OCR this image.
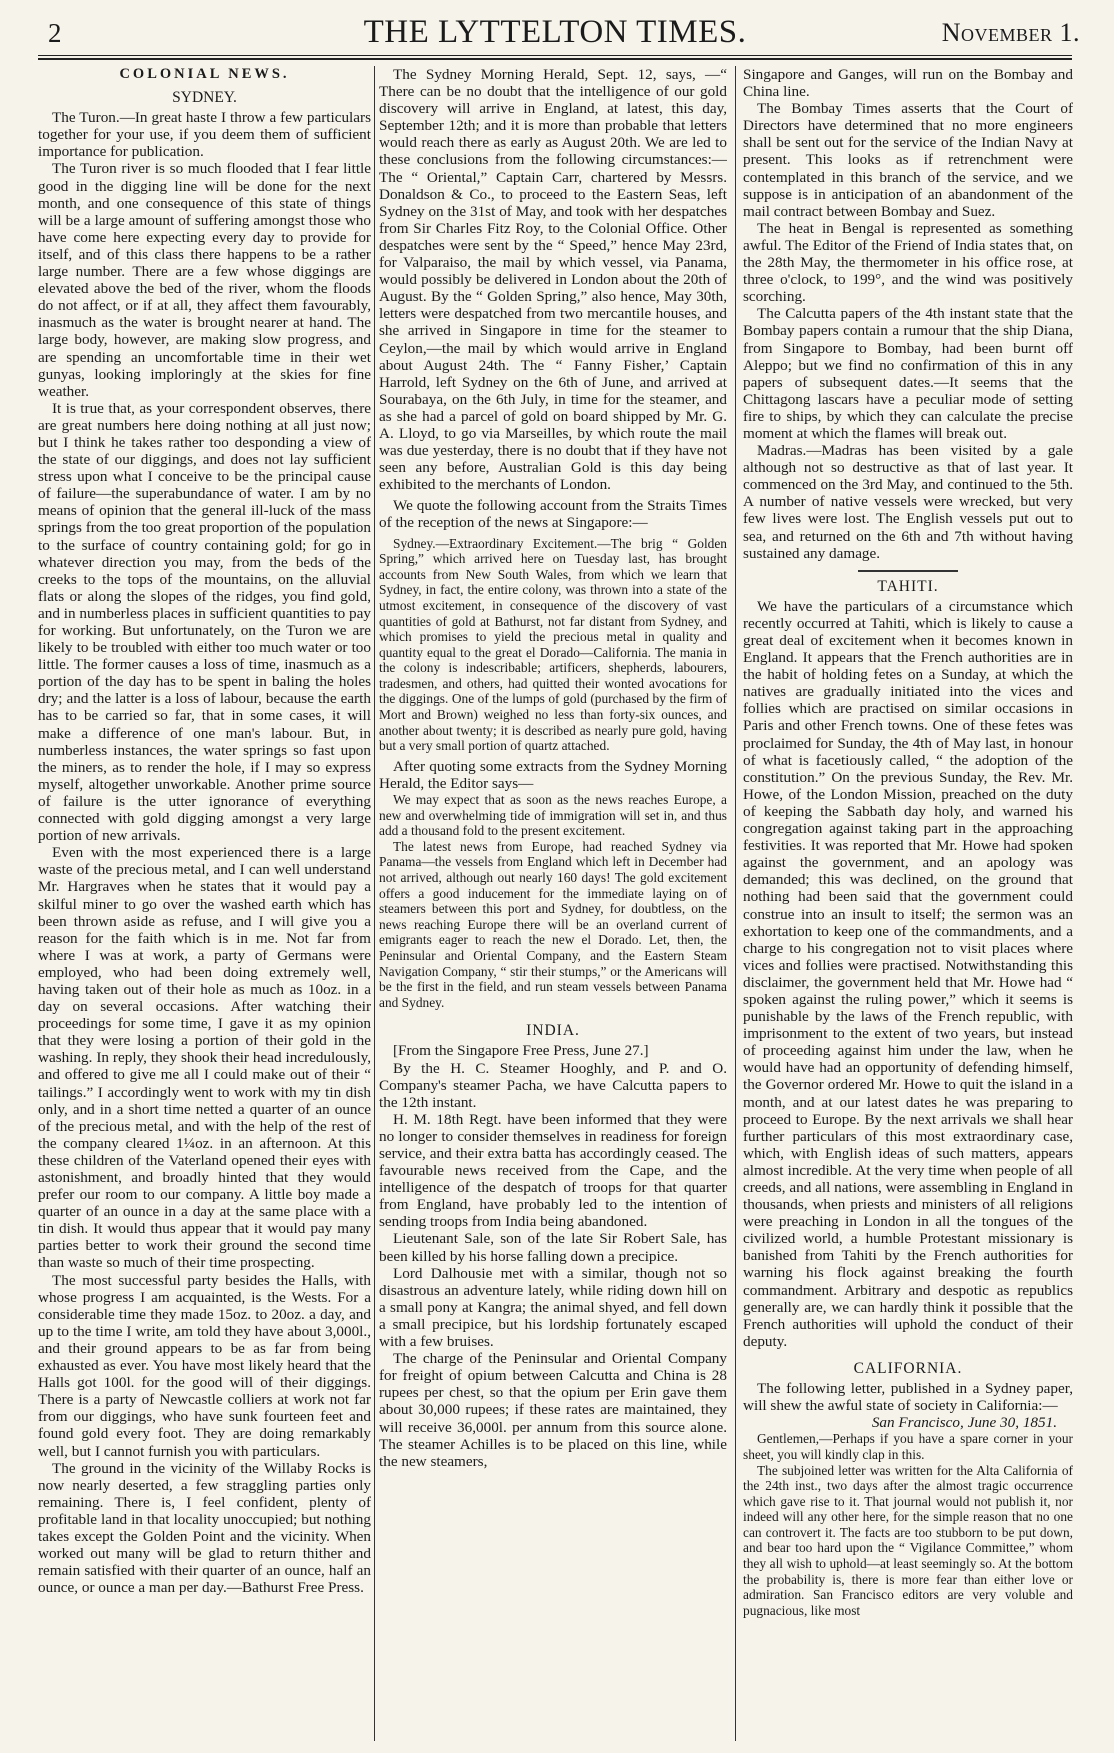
2	THE LYTTELTON TIMES.	November 1.
COLONIAL NEWS.
SYDNEY.

The Turon.—In great haste I throw a few particulars together for your use, if you deem them of sufficient importance for publication.

The Turon river is so much flooded that I fear little good in the digging line will be done for the next month, and one consequence of this state of things will be a large amount of suffering amongst those who have come here expecting every day to provide for itself, and of this class there happens to be a rather large number. There are a few whose diggings are elevated above the bed of the river, whom the floods do not affect, or if at all, they affect them favourably, inasmuch as the water is brought nearer at hand. The large body, however, are making slow progress, and are spending an uncomfortable time in their wet gunyas, looking imploringly at the skies for fine weather.

It is true that, as your correspondent observes, there are great numbers here doing nothing at all just now; but I think he takes rather too desponding a view of the state of our diggings, and does not lay sufficient stress upon what I conceive to be the principal cause of failure—the superabundance of water. I am by no means of opinion that the general ill-luck of the mass springs from the too great proportion of the population to the surface of country containing gold; for go in whatever direction you may, from the beds of the creeks to the tops of the mountains, on the alluvial flats or along the slopes of the ridges, you find gold, and in numberless places in sufficient quantities to pay for working. But unfortunately, on the Turon we are likely to be troubled with either too much water or too little. The former causes a loss of time, inasmuch as a portion of the day has to be spent in baling the holes dry; and the latter is a loss of labour, because the earth has to be carried so far, that in some cases, it will make a difference of one man's labour. But, in numberless instances, the water springs so fast upon the miners, as to render the hole, if I may so express myself, altogether unworkable. Another prime source of failure is the utter ignorance of everything connected with gold digging amongst a very large portion of new arrivals.

Even with the most experienced there is a large waste of the precious metal, and I can well understand Mr. Hargraves when he states that it would pay a skilful miner to go over the washed earth which has been thrown aside as refuse, and I will give you a reason for the faith which is in me. Not far from where I was at work, a party of Germans were employed, who had been doing extremely well, having taken out of their hole as much as 10oz. in a day on several occasions. After watching their proceedings for some time, I gave it as my opinion that they were losing a portion of their gold in the washing. In reply, they shook their head incredulously, and offered to give me all I could make out of their “ tailings.” I accordingly went to work with my tin dish only, and in a short time netted a quarter of an ounce of the precious metal, and with the help of the rest of the company cleared 1¼oz. in an afternoon. At this these children of the Vaterland opened their eyes with astonishment, and broadly hinted that they would prefer our room to our company. A little boy made a quarter of an ounce in a day at the same place with a tin dish. It would thus appear that it would pay many parties better to work their ground the second time than waste so much of their time prospecting.

The most successful party besides the Halls, with whose progress I am acquainted, is the Wests. For a considerable time they made 15oz. to 20oz. a day, and up to the time I write, am told they have about 3,000l., and their ground appears to be as far from being exhausted as ever. You have most likely heard that the Halls got 100l. for the good will of their diggings. There is a party of Newcastle colliers at work not far from our diggings, who have sunk fourteen feet and found gold every foot. They are doing remarkably well, but I cannot furnish you with particulars.

The ground in the vicinity of the Willaby Rocks is now nearly deserted, a few straggling parties only remaining. There is, I feel confident, plenty of profitable land in that locality unoccupied; but nothing takes except the Golden Point and the vicinity. When worked out many will be glad to return thither and remain satisfied with their quarter of an ounce, half an ounce, or ounce a man per day.—Bathurst Free Press.

The Sydney Morning Herald, Sept. 12, says, —“ There can be no doubt that the intelligence of our gold discovery will arrive in England, at latest, this day, September 12th; and it is more than probable that letters would reach there as early as August 20th. We are led to these conclusions from the following circumstances:—The “ Oriental,” Captain Carr, chartered by Messrs. Donaldson & Co., to proceed to the Eastern Seas, left Sydney on the 31st of May, and took with her despatches from Sir Charles Fitz Roy, to the Colonial Office. Other despatches were sent by the “ Speed,” hence May 23rd, for Valparaiso, the mail by which vessel, via Panama, would possibly be delivered in London about the 20th of August. By the “ Golden Spring,” also hence, May 30th, letters were despatched from two mercantile houses, and she arrived in Singapore in time for the steamer to Ceylon,—the mail by which would arrive in England about August 24th. The “ Fanny Fisher,’ Captain Harrold, left Sydney on the 6th of June, and arrived at Sourabaya, on the 6th July, in time for the steamer, and as she had a parcel of gold on board shipped by Mr. G. A. Lloyd, to go via Marseilles, by which route the mail was due yesterday, there is no doubt that if they have not seen any before, Australian Gold is this day being exhibited to the merchants of London.

We quote the following account from the Straits Times of the reception of the news at Singapore:—

Sydney.—Extraordinary Excitement.—The brig “ Golden Spring,” which arrived here on Tuesday last, has brought accounts from New South Wales, from which we learn that Sydney, in fact, the entire colony, was thrown into a state of the utmost excitement, in consequence of the discovery of vast quantities of gold at Bathurst, not far distant from Sydney, and which promises to yield the precious metal in quality and quantity equal to the great el Dorado—California. The mania in the colony is indescribable; artificers, shepherds, labourers, tradesmen, and others, had quitted their wonted avocations for the diggings. One of the lumps of gold (purchased by the firm of Mort and Brown) weighed no less than forty-six ounces, and another about twenty; it is described as nearly pure gold, having but a very small portion of quartz attached.

After quoting some extracts from the Sydney Morning Herald, the Editor says—

We may expect that as soon as the news reaches Europe, a new and overwhelming tide of immigration will set in, and thus add a thousand fold to the present excitement.

The latest news from Europe, had reached Sydney via Panama—the vessels from England which left in December had not arrived, although out nearly 160 days! The gold excitement offers a good inducement for the immediate laying on of steamers between this port and Sydney, for doubtless, on the news reaching Europe there will be an overland current of emigrants eager to reach the new el Dorado. Let, then, the Peninsular and Oriental Company, and the Eastern Steam Navigation Company, “ stir their stumps,” or the Americans will be the first in the field, and run steam vessels between Panama and Sydney.

INDIA.

[From the Singapore Free Press, June 27.]

By the H. C. Steamer Hooghly, and P. and O. Company's steamer Pacha, we have Calcutta papers to the 12th instant.

H. M. 18th Regt. have been informed that they were no longer to consider themselves in readiness for foreign service, and their extra batta has accordingly ceased. The favourable news received from the Cape, and the intelligence of the despatch of troops for that quarter from England, have probably led to the intention of sending troops from India being abandoned.

Lieutenant Sale, son of the late Sir Robert Sale, has been killed by his horse falling down a precipice.

Lord Dalhousie met with a similar, though not so disastrous an adventure lately, while riding down hill on a small pony at Kangra; the animal shyed, and fell down a small precipice, but his lordship fortunately escaped with a few bruises.

The charge of the Peninsular and Oriental Company for freight of opium between Calcutta and China is 28 rupees per chest, so that the opium per Erin gave them about 30,000 rupees; if these rates are maintained, they will receive 36,000l. per annum from this source alone. The steamer Achilles is to be placed on this line, while the new steamers,

Singapore and Ganges, will run on the Bombay and China line.

The Bombay Times asserts that the Court of Directors have determined that no more engineers shall be sent out for the service of the Indian Navy at present. This looks as if retrenchment were contemplated in this branch of the service, and we suppose is in anticipation of an abandonment of the mail contract between Bombay and Suez.

The heat in Bengal is represented as something awful. The Editor of the Friend of India states that, on the 28th May, the thermometer in his office rose, at three o'clock, to 199°, and the wind was positively scorching.

The Calcutta papers of the 4th instant state that the Bombay papers contain a rumour that the ship Diana, from Singapore to Bombay, had been burnt off Aleppo; but we find no confirmation of this in any papers of subsequent dates.—It seems that the Chittagong lascars have a peculiar mode of setting fire to ships, by which they can calculate the precise moment at which the flames will break out.

Madras.—Madras has been visited by a gale although not so destructive as that of last year. It commenced on the 3rd May, and continued to the 5th. A number of native vessels were wrecked, but very few lives were lost. The English vessels put out to sea, and returned on the 6th and 7th without having sustained any damage.

TAHITI.

We have the particulars of a circumstance which recently occurred at Tahiti, which is likely to cause a great deal of excitement when it becomes known in England. It appears that the French authorities are in the habit of holding fetes on a Sunday, at which the natives are gradually initiated into the vices and follies which are practised on similar occasions in Paris and other French towns. One of these fetes was proclaimed for Sunday, the 4th of May last, in honour of what is facetiously called, “ the adoption of the constitution.” On the previous Sunday, the Rev. Mr. Howe, of the London Mission, preached on the duty of keeping the Sabbath day holy, and warned his congregation against taking part in the approaching festivities. It was reported that Mr. Howe had spoken against the government, and an apology was demanded; this was declined, on the ground that nothing had been said that the government could construe into an insult to itself; the sermon was an exhortation to keep one of the commandments, and a charge to his congregation not to visit places where vices and follies were practised. Notwithstanding this disclaimer, the government held that Mr. Howe had “ spoken against the ruling power,” which it seems is punishable by the laws of the French republic, with imprisonment to the extent of two years, but instead of proceeding against him under the law, when he would have had an opportunity of defending himself, the Governor ordered Mr. Howe to quit the island in a month, and at our latest dates he was preparing to proceed to Europe. By the next arrivals we shall hear further particulars of this most extraordinary case, which, with English ideas of such matters, appears almost incredible. At the very time when people of all creeds, and all nations, were assembling in England in thousands, when priests and ministers of all religions were preaching in London in all the tongues of the civilized world, a humble Protestant missionary is banished from Tahiti by the French authorities for warning his flock against breaking the fourth commandment. Arbitrary and despotic as republics generally are, we can hardly think it possible that the French authorities will uphold the conduct of their deputy.

CALIFORNIA.

The following letter, published in a Sydney paper, will shew the awful state of society in California:—

San Francisco, June 30, 1851.

Gentlemen,—Perhaps if you have a spare corner in your sheet, you will kindly clap in this.

The subjoined letter was written for the Alta California of the 24th inst., two days after the almost tragic occurrence which gave rise to it. That journal would not publish it, nor indeed will any other here, for the simple reason that no one can controvert it. The facts are too stubborn to be put down, and bear too hard upon the “ Vigilance Committee,” whom they all wish to uphold—at least seemingly so. At the bottom the probability is, there is more fear than either love or admiration. San Francisco editors are very voluble and pugnacious, like most
